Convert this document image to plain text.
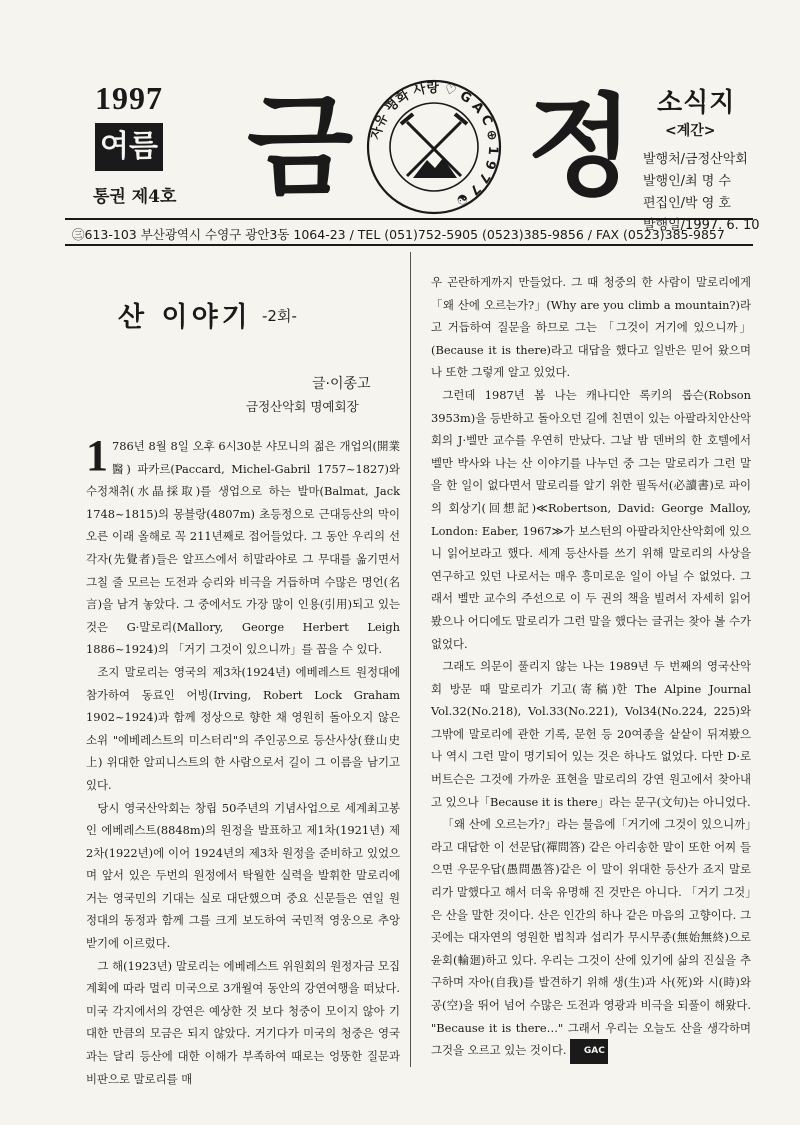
1997
여름
통권 제4호 금 자유 평화 사랑 ♡ G A C ⊕ 1 9 7 7 ☯ 정 소식지
<계간>
발행처/금정산악회
발행인/최 명 수
편집인/박 영 호
발행일/1997. 6. 10
㊂613-103 부산광역시 수영구 광안3동 1064-23 / TEL (051)752-5905 (0523)385-9856 / FAX (0523)385-9857
산 이야기 -2회-
글·이종고
금정산악회 명예회장

1 786년 8월 8일 오후 6시30분 샤모니의 젊은 개업의(開業醫) 파카르(Paccard, Michel-Gabril 1757~1827)와 수정채취(水晶採取)를 생업으로 하는 발마(Balmat, Jack 1748~1815)의 몽블랑(4807m) 초등정으로 근대등산의 막이 오른 이래 올해로 꼭 211년째로 접어들었다. 그 동안 우리의 선각자(先覺者)들은 알프스에서 히말라야로 그 무대를 옮기면서 그칠 줄 모르는 도전과 승리와 비극을 거듭하며 수많은 명언(名言)을 남겨 놓았다. 그 중에서도 가장 많이 인용(引用)되고 있는 것은 G·말로리(Mallory, George Herbert Leigh 1886~1924)의 「거기 그것이 있으니까」를 꼽을 수 있다.

조지 말로리는 영국의 제3차(1924년) 에베레스트 원정대에 참가하여 동료인 어빙(Irving, Robert Lock Graham 1902~1924)과 함께 정상으로 향한 채 영원히 돌아오지 않은 소위 "에베레스트의 미스터리"의 주인공으로 등산사상(登山史上) 위대한 알피니스트의 한 사람으로서 길이 그 이름을 남기고 있다.

당시 영국산악회는 창립 50주년의 기념사업으로 세계최고봉인 에베레스트(8848m)의 원정을 발표하고 제1차(1921년) 제2차(1922년)에 이어 1924년의 제3차 원정을 준비하고 있었으며 앞서 있은 두번의 원정에서 탁월한 실력을 발휘한 말로리에 거는 영국민의 기대는 실로 대단했으며 중요 신문들은 연일 원정대의 동정과 함께 그를 크게 보도하여 국민적 영웅으로 추앙 받기에 이르렀다.

그 해(1923년) 말로리는 에베레스트 위원회의 원정자금 모집계획에 따라 멀리 미국으로 3개월여 동안의 강연여행을 떠났다. 미국 각지에서의 강연은 예상한 것 보다 청중이 모이지 않아 기대한 만큼의 모금은 되지 않았다. 거기다가 미국의 청중은 영국과는 달리 등산에 대한 이해가 부족하여 때로는 엉뚱한 질문과 비판으로 말로리를 매

우 곤란하게까지 만들었다. 그 때 청중의 한 사람이 말로리에게 「왜 산에 오르는가?」(Why are you climb a mountain?)라고 거듭하여 질문을 하므로 그는 「그것이 거기에 있으니까」(Because it is there)라고 대답을 했다고 일반은 믿어 왔으며 나 또한 그렇게 알고 있었다.

그런데 1987년 봄 나는 캐나디안 록키의 롭슨(Robson 3953m)을 등반하고 돌아오던 길에 친면이 있는 아팔라치안산악회의 J·벨만 교수를 우연히 만났다. 그날 밤 덴버의 한 호텔에서 벨만 박사와 나는 산 이야기를 나누던 중 그는 말로리가 그런 말을 한 일이 없다면서 말로리를 알기 위한 필독서(必讀書)로 파이의 회상기(回想記)≪Robertson, David: George Malloy, London: Eaber, 1967≫가 보스턴의 아팔라치안산악회에 있으니 읽어보라고 했다. 세계 등산사를 쓰기 위해 말로리의 사상을 연구하고 있던 나로서는 매우 흥미로운 일이 아닐 수 없었다. 그래서 벨만 교수의 주선으로 이 두 권의 책을 빌려서 자세히 읽어 봤으나 어디에도 말로리가 그런 말을 했다는 글귀는 찾아 볼 수가 없었다.

그래도 의문이 풀리지 않는 나는 1989년 두 번째의 영국산악회 방문 때 말로리가 기고(寄稿)한 The Alpine Journal Vol.32(No.218), Vol.33(No.221), Vol34(No.224, 225)와 그밖에 말로리에 관한 기록, 문헌 등 20여종을 샅샅이 뒤져봤으나 역시 그런 말이 명기되어 있는 것은 하나도 없었다. 다만 D·로버트슨은 그것에 가까운 표현을 말로리의 강연 원고에서 찾아내고 있으나「Because it is there」라는 문구(文句)는 아니었다.

「왜 산에 오르는가?」라는 물음에「거기에 그것이 있으니까」라고 대답한 이 선문답(禪問答) 같은 아리송한 말이 또한 어찌 들으면 우문우답(愚問愚答)같은 이 말이 위대한 등산가 죠지 말로리가 말했다고 해서 더욱 유명해 진 것만은 아니다. 「거기 그것」은 산을 말한 것이다. 산은 인간의 하나 같은 마음의 고향이다. 그곳에는 대자연의 영원한 법칙과 섭리가 무시무종(無始無終)으로 윤회(輪廻)하고 있다. 우리는 그것이 산에 있기에 삶의 진실을 추구하며 자아(自我)를 발견하기 위해 생(生)과 사(死)와 시(時)와 공(空)을 뛰어 넘어 수많은 도전과 영광과 비극을 되풀이 해왔다. "Because it is there…" 그래서 우리는 오늘도 산을 생각하며 그것을 오르고 있는 것이다. GAC
